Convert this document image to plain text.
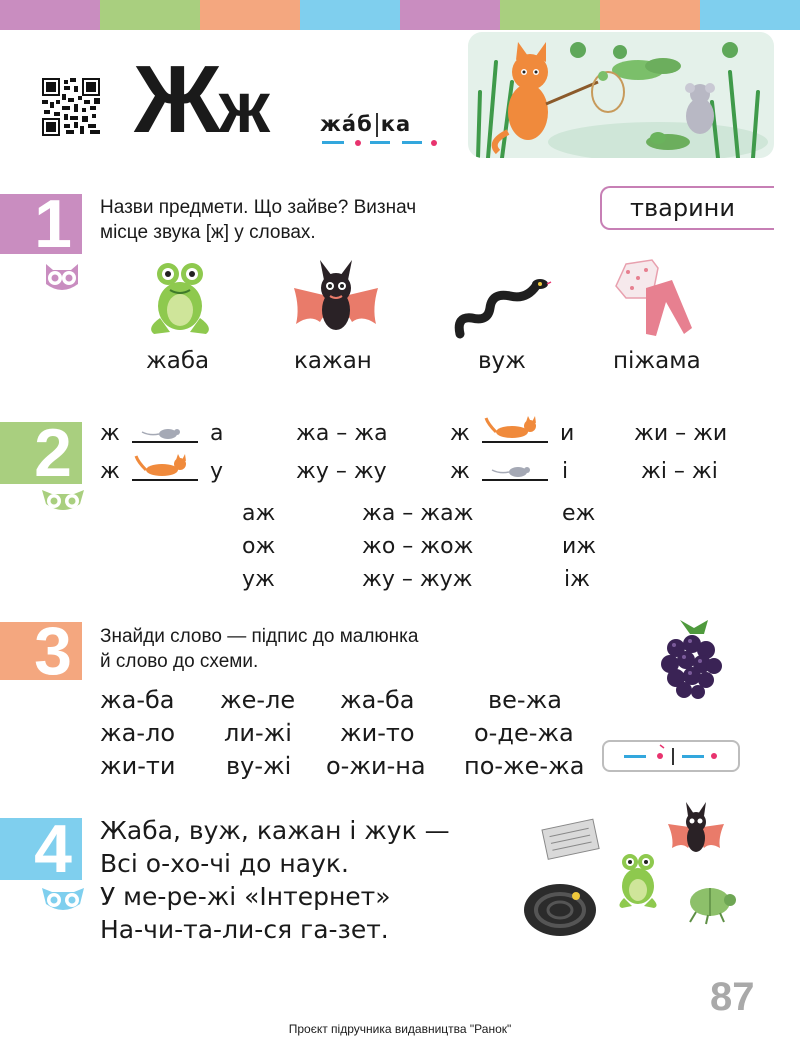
Жж жáб ка
1 Назви предмети. Що зайве? Визнач
місце звука [ж] у словах.
тварини
жаба	кажан	вуж	піжама
2 ж	а	жа – жа	ж	и	жи – жи
ж	у	жу – жу	ж	і	жі – жі
аж	жа – жаж	еж
ож	жо – жож	иж
уж	жу – жуж	іж
3 Знайди слово — підпис до малюнка
й слово до схеми.
жа-ба же-ле жа-ба	ве-жа
жа-ло ли-жі жи-то о-де-жа
жи-ти ву-жі о-жи-на по-же-жа
4 Жаба, вуж, кажан і жук —
Всі о-хо-чі до наук.
У ме-ре-жі «Інтернет»
На-чи-та-ли-ся га-зет.
87
Проєкт підручника видавництва "Ранок"
